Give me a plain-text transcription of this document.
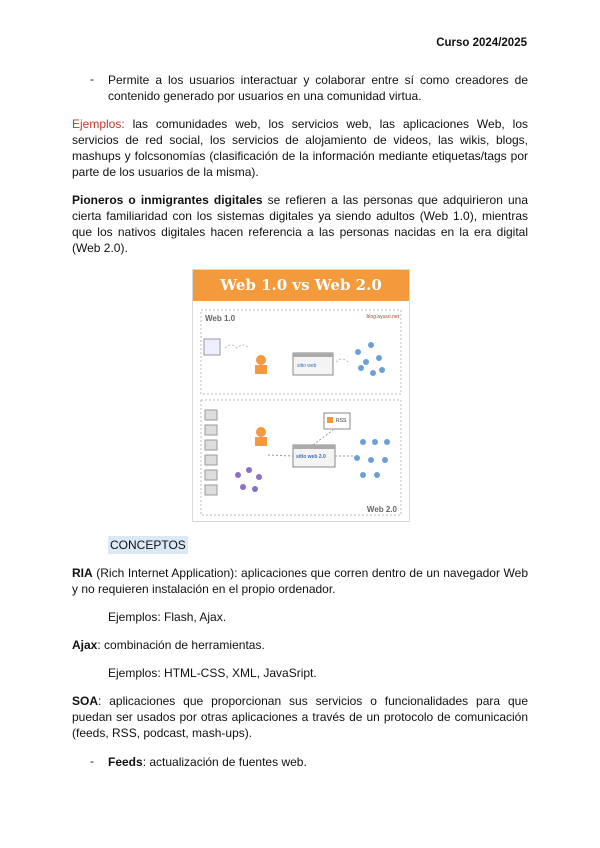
Curso 2024/2025
- Permite a los usuarios interactuar y colaborar entre sí como creadores de contenido generado por usuarios en una comunidad virtua.
Ejemplos: las comunidades web, los servicios web, las aplicaciones Web, los servicios de red social, los servicios de alojamiento de videos, las wikis, blogs, mashups y folcsonomías (clasificación de la información mediante etiquetas/tags por parte de los usuarios de la misma).
Pioneros o inmigrantes digitales se refieren a las personas que adquirieron una cierta familiaridad con los sistemas digitales ya siendo adultos (Web 1.0), mientras que los nativos digitales hacen referencia a las personas nacidas en la era digital (Web 2.0).
Web 1.0 vs Web 2.0
Web 1.0	blog.ayuso.net
sitio web
sitio web 2.0
RSS
Web 2.0
CONCEPTOS
RIA (Rich Internet Application): aplicaciones que corren dentro de un navegador Web y no requieren instalación en el propio ordenador.
Ejemplos: Flash, Ajax.
Ajax: combinación de herramientas.
Ejemplos: HTML-CSS, XML, JavaSript.
SOA: aplicaciones que proporcionan sus servicios o funcionalidades para que puedan ser usados por otras aplicaciones a través de un protocolo de comunicación (feeds, RSS, podcast, mash-ups).
- Feeds: actualización de fuentes web.
